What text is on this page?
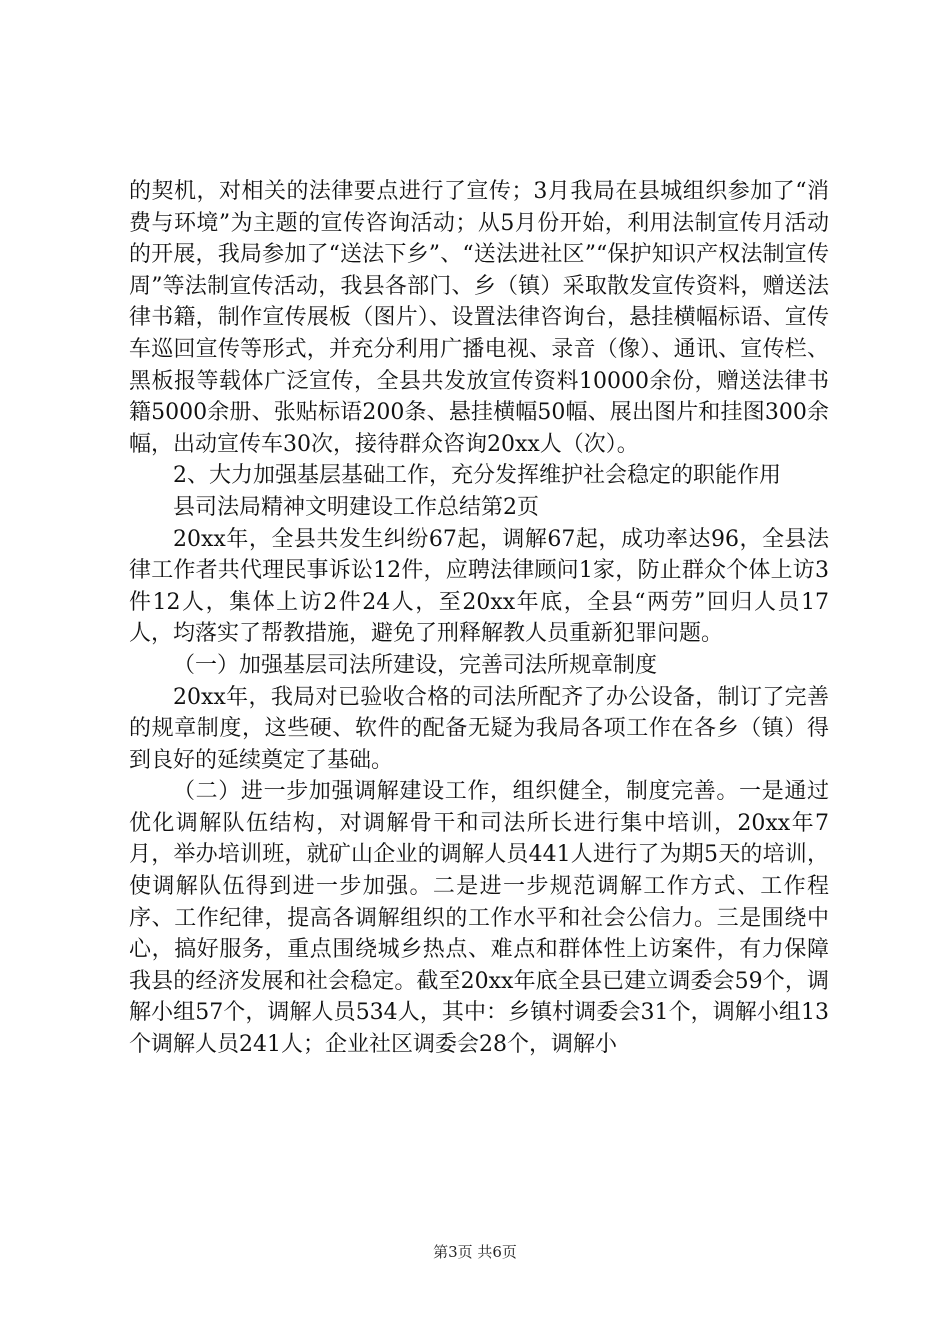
的契机，对相关的法律要点进行了宣传；3月我局在县城组织参加了“消费与环境”为主题的宣传咨询活动；从5月份开始，利用法制宣传月活动的开展，我局参加了“送法下乡”、“送法进社区”“保护知识产权法制宣传周”等法制宣传活动，我县各部门、乡（镇）采取散发宣传资料，赠送法律书籍，制作宣传展板（图片）、设置法律咨询台，悬挂横幅标语、宣传车巡回宣传等形式，并充分利用广播电视、录音（像）、通讯、宣传栏、黑板报等载体广泛宣传，全县共发放宣传资料10000余份，赠送法律书籍5000余册、张贴标语200条、悬挂横幅50幅、展出图片和挂图300余幅，出动宣传车30次，接待群众咨询20xx人（次）。

2、大力加强基层基础工作，充分发挥维护社会稳定的职能作用

县司法局精神文明建设工作总结第2页

20xx年，全县共发生纠纷67起，调解67起，成功率达96，全县法律工作者共代理民事诉讼12件，应聘法律顾问1家，防止群众个体上访3件12人，集体上访2件24人，至20xx年底，全县“两劳”回归人员17人，均落实了帮教措施，避免了刑释解教人员重新犯罪问题。

（一）加强基层司法所建设，完善司法所规章制度

20xx年，我局对已验收合格的司法所配齐了办公设备，制订了完善的规章制度，这些硬、软件的配备无疑为我局各项工作在各乡（镇）得到良好的延续奠定了基础。

（二）进一步加强调解建设工作，组织健全，制度完善。一是通过优化调解队伍结构，对调解骨干和司法所长进行集中培训，20xx年7月，举办培训班，就矿山企业的调解人员441人进行了为期5天的培训，使调解队伍得到进一步加强。二是进一步规范调解工作方式、工作程序、工作纪律，提高各调解组织的工作水平和社会公信力。三是围绕中心，搞好服务，重点围绕城乡热点、难点和群体性上访案件，有力保障我县的经济发展和社会稳定。截至20xx年底全县已建立调委会59个，调解小组57个，调解人员534人，其中：乡镇村调委会31个，调解小组13个调解人员241人；企业社区调委会28个，调解小

第3页 共6页
